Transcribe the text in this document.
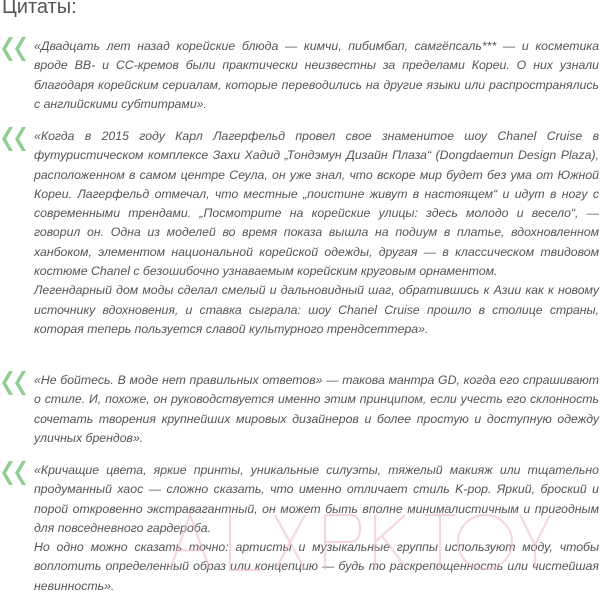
Цитаты:

«Двадцать лет назад корейские блюда — кимчи, пибимбап, самгёпсаль*** — и косметика вроде BB- и CC-кремов были практически неизвестны за пределами Кореи. О них узнали благодаря корейским сериалам, которые переводились на другие языки или распространялись с английскими субтитрами».

«Когда в 2015 году Карл Лагерфельд провел свое знаменитое шоу Chanel Cruise в футуристическом комплексе Захи Хадид „Тондэмун Дизайн Плаза“ (Dongdaemun Design Plaza), расположенном в самом центре Сеула, он уже знал, что вскоре мир будет без ума от Южной Кореи. Лагерфельд отмечал, что местные „поистине живут в настоящем“ и идут в ногу с современными трендами. „Посмотрите на корейские улицы: здесь молодо и весело“, — говорил он. Одна из моделей во время показа вышла на подиум в платье, вдохновленном ханбоком, элементом национальной корейской одежды, другая — в классическом твидовом костюме Chanel с безошибочно узнаваемым корейским круговым орнаментом.

Легендарный дом моды сделал смелый и дальновидный шаг, обратившись к Азии как к новому источнику вдохновения, и ставка сыграла: шоу Chanel Cruise прошло в столице страны, которая теперь пользуется славой культурного трендсеттера».

«Не бойтесь. В моде нет правильных ответов» — такова мантра GD, когда его спрашивают о стиле. И, похоже, он руководствуется именно этим принципом, если учесть его склонность сочетать творения крупнейших мировых дизайнеров и более простую и доступную одежду уличных брендов».

«Кричащие цвета, яркие принты, уникальные силуэты, тяжелый макияж или тщательно продуманный хаос — сложно сказать, что именно отличает стиль K-pop. Яркий, броский и порой откровенно экстравагантный, он может быть вполне минималистичным и пригодным для повседневного гардероба.

Но одно можно сказать точно: артисты и музыкальные группы используют моду, чтобы воплотить определенный образ или концепцию — будь то раскрепощенность или чистейшая невинность».
